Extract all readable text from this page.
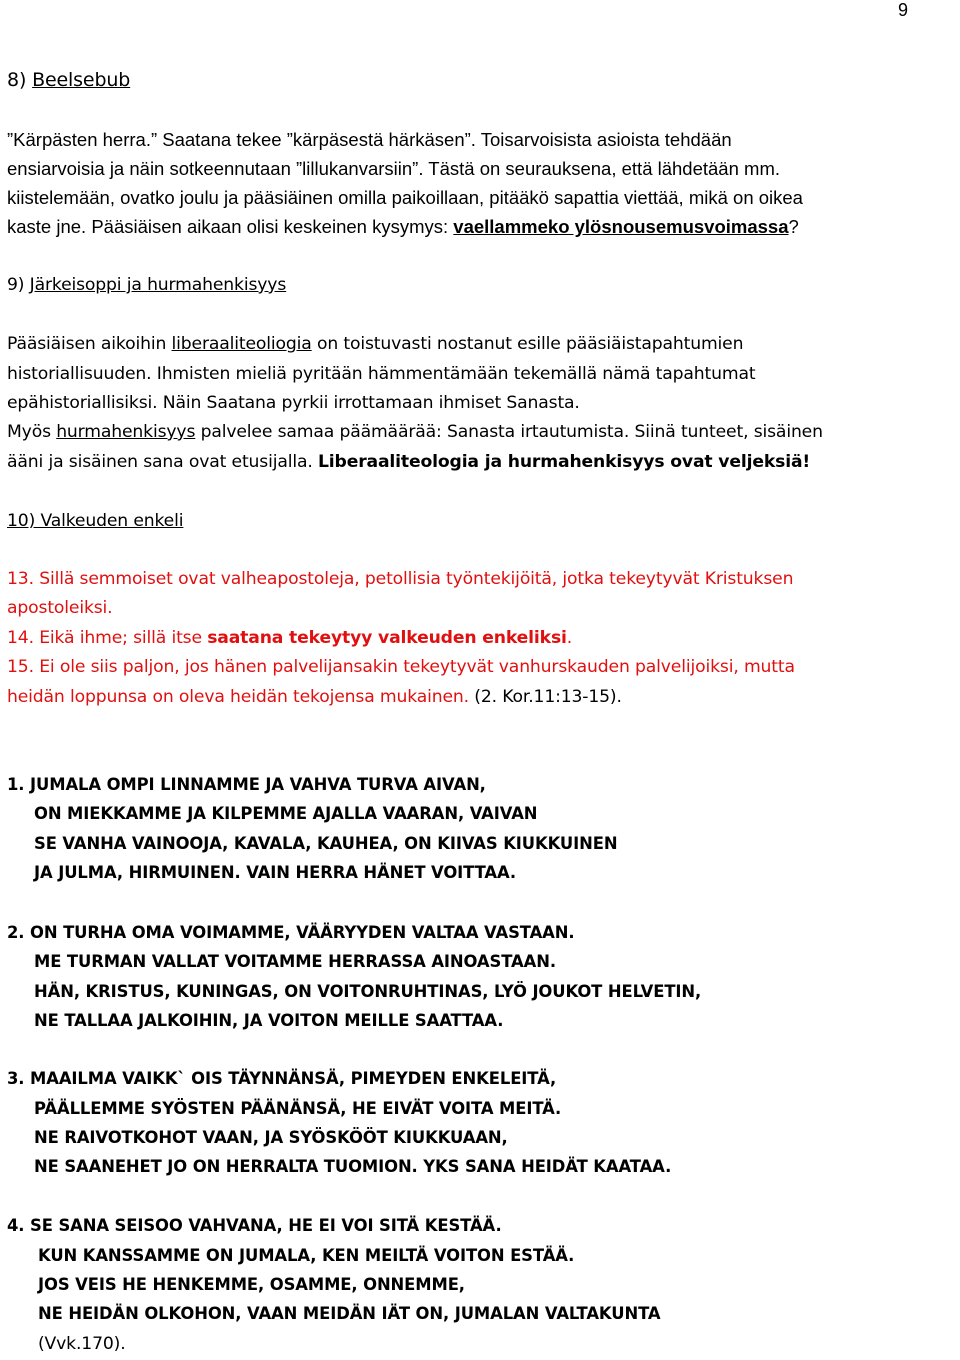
9
8) Beelsebub
”Kärpästen herra.” Saatana tekee ”kärpäsestä härkäsen”. Toisarvoisista asioista tehdään
ensiarvoisia ja näin sotkeennutaan ”lillukanvarsiin”. Tästä on seurauksena, että lähdetään mm.
kiistelemään, ovatko joulu ja pääsiäinen omilla paikoillaan, pitääkö sapattia viettää, mikä on oikea
kaste jne. Pääsiäisen aikaan olisi keskeinen kysymys: vaellammeko ylösnousemusvoimassa?
9) Järkeisoppi ja hurmahenkisyys
Pääsiäisen aikoihin liberaaliteoliogia on toistuvasti nostanut esille pääsiäistapahtumien
historiallisuuden. Ihmisten mieliä pyritään hämmentämään tekemällä nämä tapahtumat
epähistoriallisiksi. Näin Saatana pyrkii irrottamaan ihmiset Sanasta.
Myös hurmahenkisyys palvelee samaa päämäärää: Sanasta irtautumista. Siinä tunteet, sisäinen
ääni ja sisäinen sana ovat etusijalla. Liberaaliteologia ja hurmahenkisyys ovat veljeksiä!
10) Valkeuden enkeli
13. Sillä semmoiset ovat valheapostoleja, petollisia työntekijöitä, jotka tekeytyvät Kristuksen
apostoleiksi.
14. Eikä ihme; sillä itse saatana tekeytyy valkeuden enkeliksi.
15. Ei ole siis paljon, jos hänen palvelijansakin tekeytyvät vanhurskauden palvelijoiksi, mutta
heidän loppunsa on oleva heidän tekojensa mukainen. (2. Kor.11:13-15).
1. JUMALA OMPI LINNAMME JA VAHVA TURVA AIVAN,
ON MIEKKAMME JA KILPEMME AJALLA VAARAN, VAIVAN
SE VANHA VAINOOJA, KAVALA, KAUHEA, ON KIIVAS KIUKKUINEN
JA JULMA, HIRMUINEN. VAIN HERRA HÄNET VOITTAA.
2. ON TURHA OMA VOIMAMME, VÄÄRYYDEN VALTAA VASTAAN.
ME TURMAN VALLAT VOITAMME HERRASSA AINOASTAAN.
HÄN, KRISTUS, KUNINGAS, ON VOITONRUHTINAS, LYÖ JOUKOT HELVETIN,
NE TALLAA JALKOIHIN, JA VOITON MEILLE SAATTAA.
3. MAAILMA VAIKK` OIS TÄYNNÄNSÄ, PIMEYDEN ENKELEITÄ,
PÄÄLLEMME SYÖSTEN PÄÄNÄNSÄ, HE EIVÄT VOITA MEITÄ.
NE RAIVOTKOHOT VAAN, JA SYÖSKÖÖT KIUKKUAAN,
NE SAANEHET JO ON HERRALTA TUOMION. YKS SANA HEIDÄT KAATAA.
4. SE SANA SEISOO VAHVANA, HE EI VOI SITÄ KESTÄÄ.
KUN KANSSAMME ON JUMALA, KEN MEILTÄ VOITON ESTÄÄ.
JOS VEIS HE HENKEMME, OSAMME, ONNEMME,
NE HEIDÄN OLKOHON, VAAN MEIDÄN IÄT ON, JUMALAN VALTAKUNTA
(Vvk.170).
